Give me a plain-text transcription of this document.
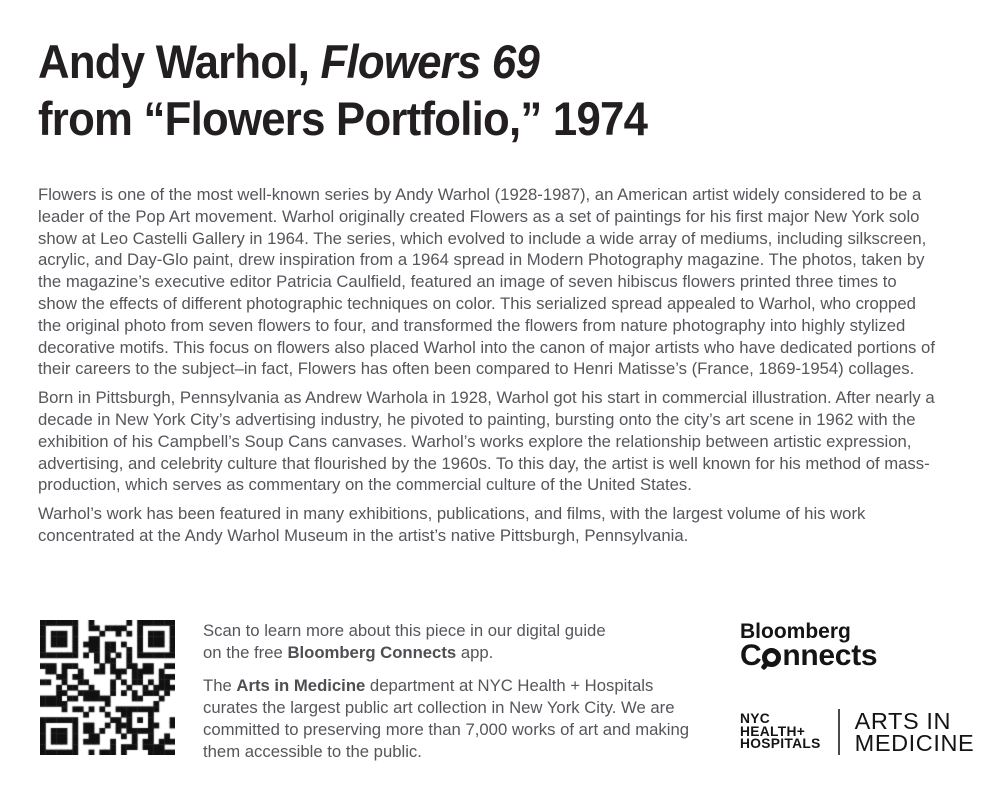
Andy Warhol, Flowers 69
from “Flowers Portfolio,” 1974

Flowers is one of the most well-known series by Andy Warhol (1928-1987), an American artist widely considered to be a leader of the Pop Art movement. Warhol originally created Flowers as a set of paintings for his first major New York solo show at Leo Castelli Gallery in 1964. The series, which evolved to include a wide array of mediums, including silkscreen, acrylic, and Day-Glo paint, drew inspiration from a 1964 spread in Modern Photography magazine. The photos, taken by the magazine’s executive editor Patricia Caulfield, featured an image of seven hibiscus flowers printed three times to show the effects of different photographic techniques on color. This serialized spread appealed to Warhol, who cropped the original photo from seven flowers to four, and transformed the flowers from nature photography into highly stylized decorative motifs. This focus on flowers also placed Warhol into the canon of major artists who have dedicated portions of their careers to the subject–in fact, Flowers has often been compared to Henri Matisse’s (France, 1869-1954) collages.

Born in Pittsburgh, Pennsylvania as Andrew Warhola in 1928, Warhol got his start in commercial illustration. After nearly a decade in New York City’s advertising industry, he pivoted to painting, bursting onto the city’s art scene in 1962 with the exhibition of his Campbell’s Soup Cans canvases. Warhol’s works explore the relationship between artistic expression, advertising, and celebrity culture that flourished by the 1960s. To this day, the artist is well known for his method of mass-production, which serves as commentary on the commercial culture of the United States.

Warhol’s work has been featured in many exhibitions, publications, and films, with the largest volume of his work concentrated at the Andy Warhol Museum in the artist’s native Pittsburgh, Pennsylvania.

Scan to learn more about this piece in our digital guide
on the free Bloomberg Connects app.

The Arts in Medicine department at NYC Health + Hospitals curates the largest public art collection in New York City. We are committed to preserving more than 7,000 works of art and making them accessible to the public.

Bloomberg
C nnects
NYC
HEALTH+
HOSPITALS
ARTS IN
MEDICINE
